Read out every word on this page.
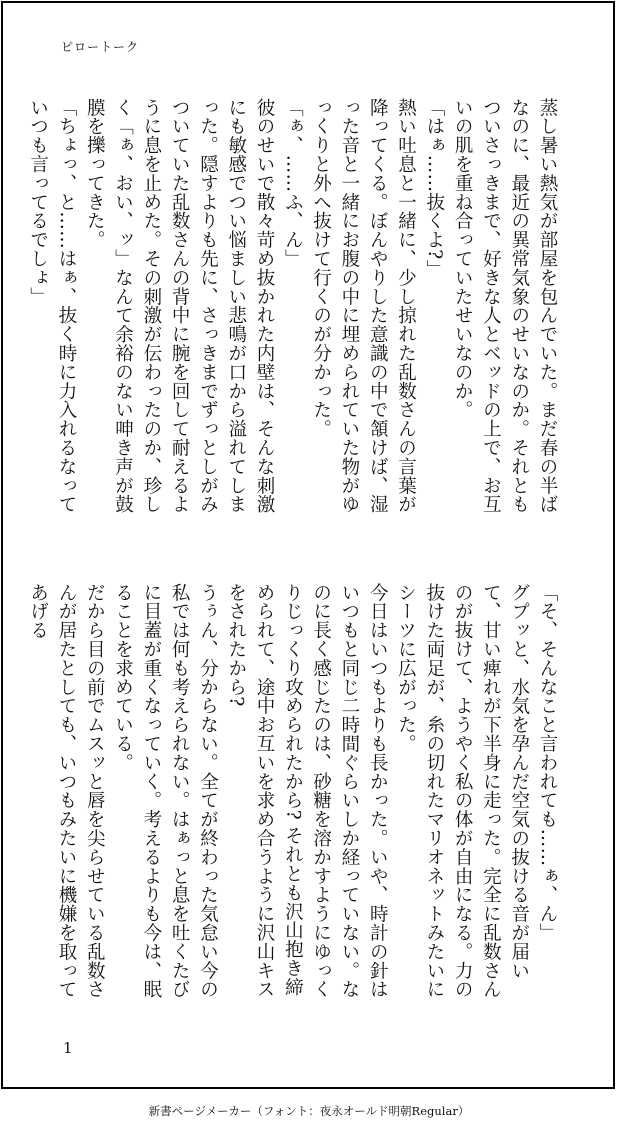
ピロートーク

蒸し暑い熱気が部屋を包んでいた。まだ春の半ばなのに、最近の異常気象のせいなのか。それともついさっきまで、好きな人とベッドの上で、お互いの肌を重ね合っていたせいなのか。

「はぁ……抜くよ?」

熱い吐息と一緒に、少し掠れた乱数さんの言葉が降ってくる。ぼんやりした意識の中で頷けば、湿った音と一緒にお腹の中に埋められていた物がゆっくりと外へ抜けて行くのが分かった。

「ぁ、……ふ、ん」

彼のせいで散々苛め抜かれた内壁は、そんな刺激にも敏感でつい悩ましい悲鳴が口から溢れてしまった。隠すよりも先に、さっきまでずっとしがみついていた乱数さんの背中に腕を回して耐えるように息を止めた。その刺激が伝わったのか、珍しく「ぁ、おい、ッ」なんて余裕のない呻き声が鼓膜を擽ってきた。

「ちょっ、と……はぁ、抜く時に力入れるなっていつも言ってるでしょ」

「そ、そんなこと言われても……ぁ、ん」

グプッと、水気を孕んだ空気の抜ける音が届いて、甘い痺れが下半身に走った。完全に乱数さんのが抜けて、ようやく私の体が自由になる。力の抜けた両足が、糸の切れたマリオネットみたいにシーツに広がった。

今日はいつもよりも長かった。いや、時計の針はいつもと同じ二時間ぐらいしか経っていない。なのに長く感じたのは、砂糖を溶かすようにゆっくりじっくり攻められたから? それとも沢山抱き締められて、途中お互いを求め合うように沢山キスをされたから?

うぅん、分からない。全てが終わった気怠い今の私では何も考えられない。はぁっと息を吐くたびに目蓋が重くなっていく。考えるよりも今は、眠ることを求めている。

だから目の前でムスッと唇を尖らせている乱数さんが居たとしても、いつもみたいに機嫌を取ってあげる

1
新書ページメーカー（フォント：夜永オールド明朝Regular）
